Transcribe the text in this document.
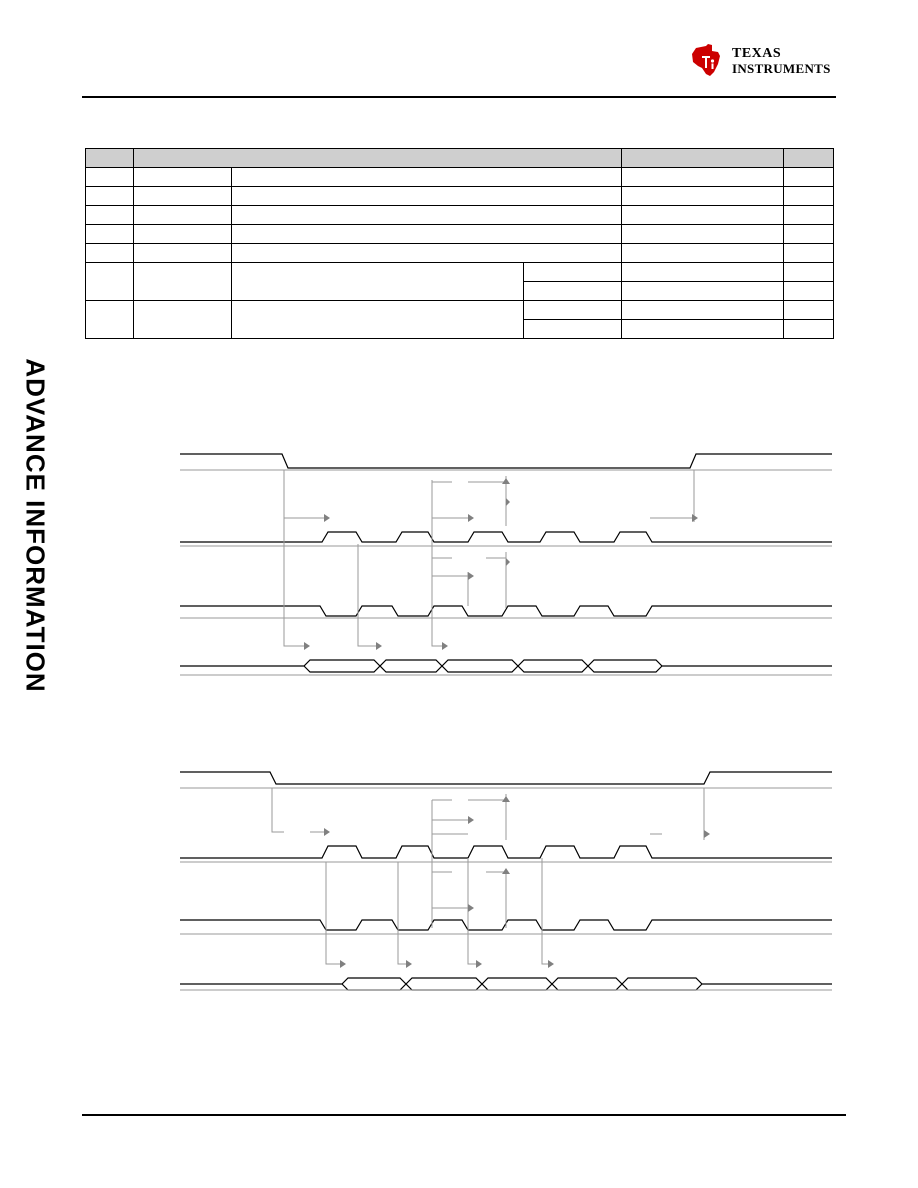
TEXAS
INSTRUMENTS
ADVANCE INFORMATION
